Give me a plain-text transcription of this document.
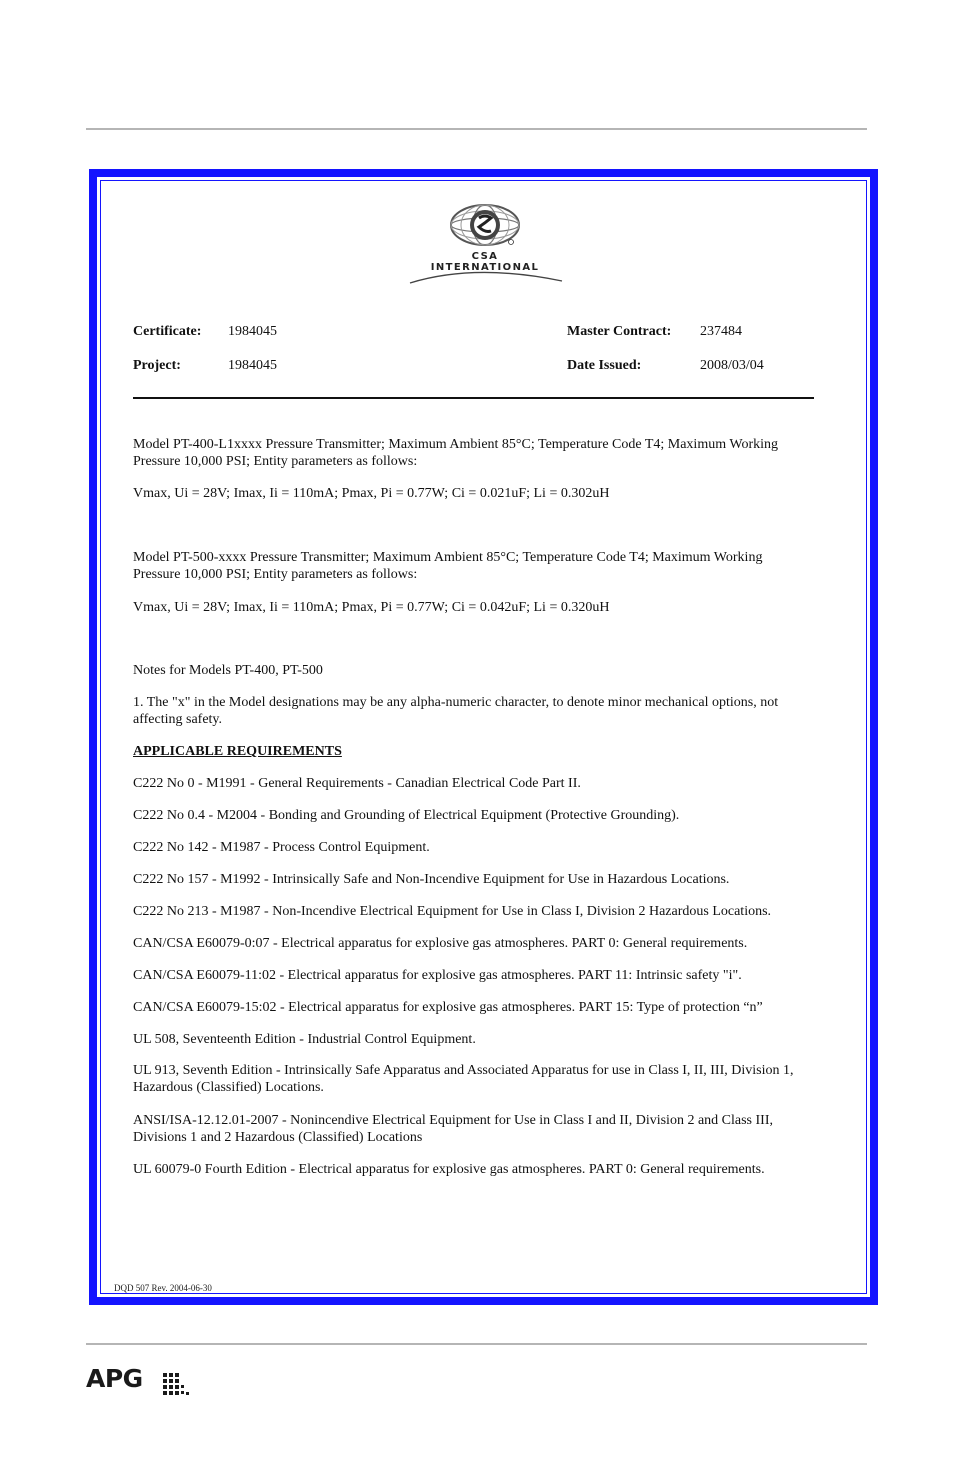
CSA INTERNATIONAL
Certificate: 1984045	Master Contract: 237484
Project:	1984045	Date Issued:	2008/03/04
Model PT-400-L1xxxx Pressure Transmitter; Maximum Ambient 85°C; Temperature Code T4; Maximum Working Pressure 10,000 PSI; Entity parameters as follows:
Vmax, Ui = 28V; Imax, Ii = 110mA; Pmax, Pi = 0.77W; Ci = 0.021uF; Li = 0.302uH
Model PT-500-xxxx Pressure Transmitter; Maximum Ambient 85°C; Temperature Code T4; Maximum Working Pressure 10,000 PSI; Entity parameters as follows:
Vmax, Ui = 28V; Imax, Ii = 110mA; Pmax, Pi = 0.77W; Ci = 0.042uF; Li = 0.320uH
Notes for Models PT-400, PT-500
1. The "x" in the Model designations may be any alpha-numeric character, to denote minor mechanical options, not affecting safety.
APPLICABLE REQUIREMENTS
C222 No 0 - M1991 - General Requirements - Canadian Electrical Code Part II.
C222 No 0.4 - M2004 - Bonding and Grounding of Electrical Equipment (Protective Grounding).
C222 No 142 - M1987 - Process Control Equipment.
C222 No 157 - M1992 - Intrinsically Safe and Non-Incendive Equipment for Use in Hazardous Locations.
C222 No 213 - M1987 - Non-Incendive Electrical Equipment for Use in Class I, Division 2 Hazardous Locations.
CAN/CSA E60079-0:07 - Electrical apparatus for explosive gas atmospheres. PART 0: General requirements.
CAN/CSA E60079-11:02 - Electrical apparatus for explosive gas atmospheres. PART 11: Intrinsic safety "i".
CAN/CSA E60079-15:02 - Electrical apparatus for explosive gas atmospheres. PART 15: Type of protection “n”
UL 508, Seventeenth Edition - Industrial Control Equipment.
UL 913, Seventh Edition - Intrinsically Safe Apparatus and Associated Apparatus for use in Class I, II, III, Division 1, Hazardous (Classified) Locations.
ANSI/ISA-12.12.01-2007 - Nonincendive Electrical Equipment for Use in Class I and II, Division 2 and Class III, Divisions 1 and 2 Hazardous (Classified) Locations
UL 60079-0 Fourth Edition - Electrical apparatus for explosive gas atmospheres. PART 0: General requirements.
DQD 507 Rev. 2004-06-30
APG
